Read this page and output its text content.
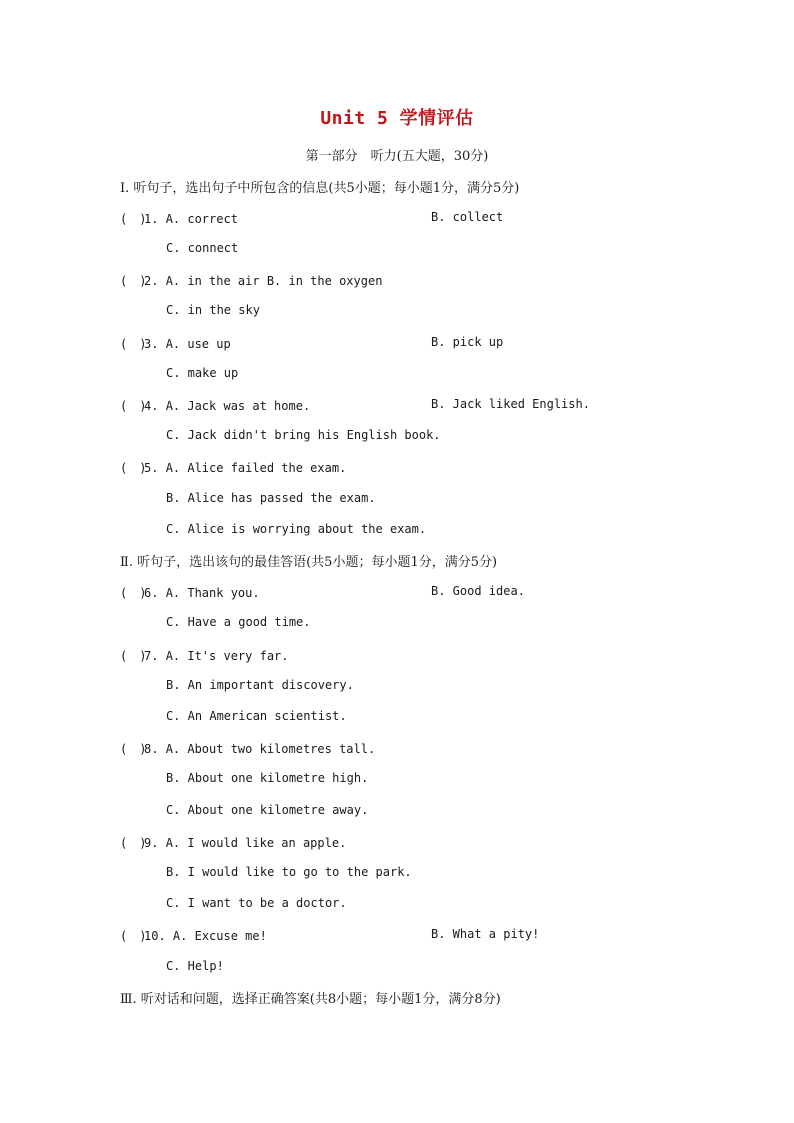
Unit 5 学情评估
第一部分　听力(五大题，30分)
Ⅰ. 听句子，选出句子中所包含的信息(共5小题；每小题1分，满分5分)
(　)1. A. correct	B. collect
C. connect
(　)2. A. in the air B. in the oxygen
C. in the sky
(　)3. A. use up	B. pick up
C. make up
(　)4. A. Jack was at home.	B. Jack liked English.
C. Jack didn't bring his English book.
(　)5. A. Alice failed the exam.
B. Alice has passed the exam.
C. Alice is worrying about the exam.
Ⅱ. 听句子，选出该句的最佳答语(共5小题；每小题1分，满分5分)
(　)6. A. Thank you.	B. Good idea.
C. Have a good time.
(　)7. A. It's very far.
B. An important discovery.
C. An American scientist.
(　)8. A. About two kilometres tall.
B. About one kilometre high.
C. About one kilometre away.
(　)9. A. I would like an apple.
B. I would like to go to the park.
C. I want to be a doctor.
(　)10. A. Excuse me!	B. What a pity!
C. Help!
Ⅲ. 听对话和问题，选择正确答案(共8小题；每小题1分，满分8分)
